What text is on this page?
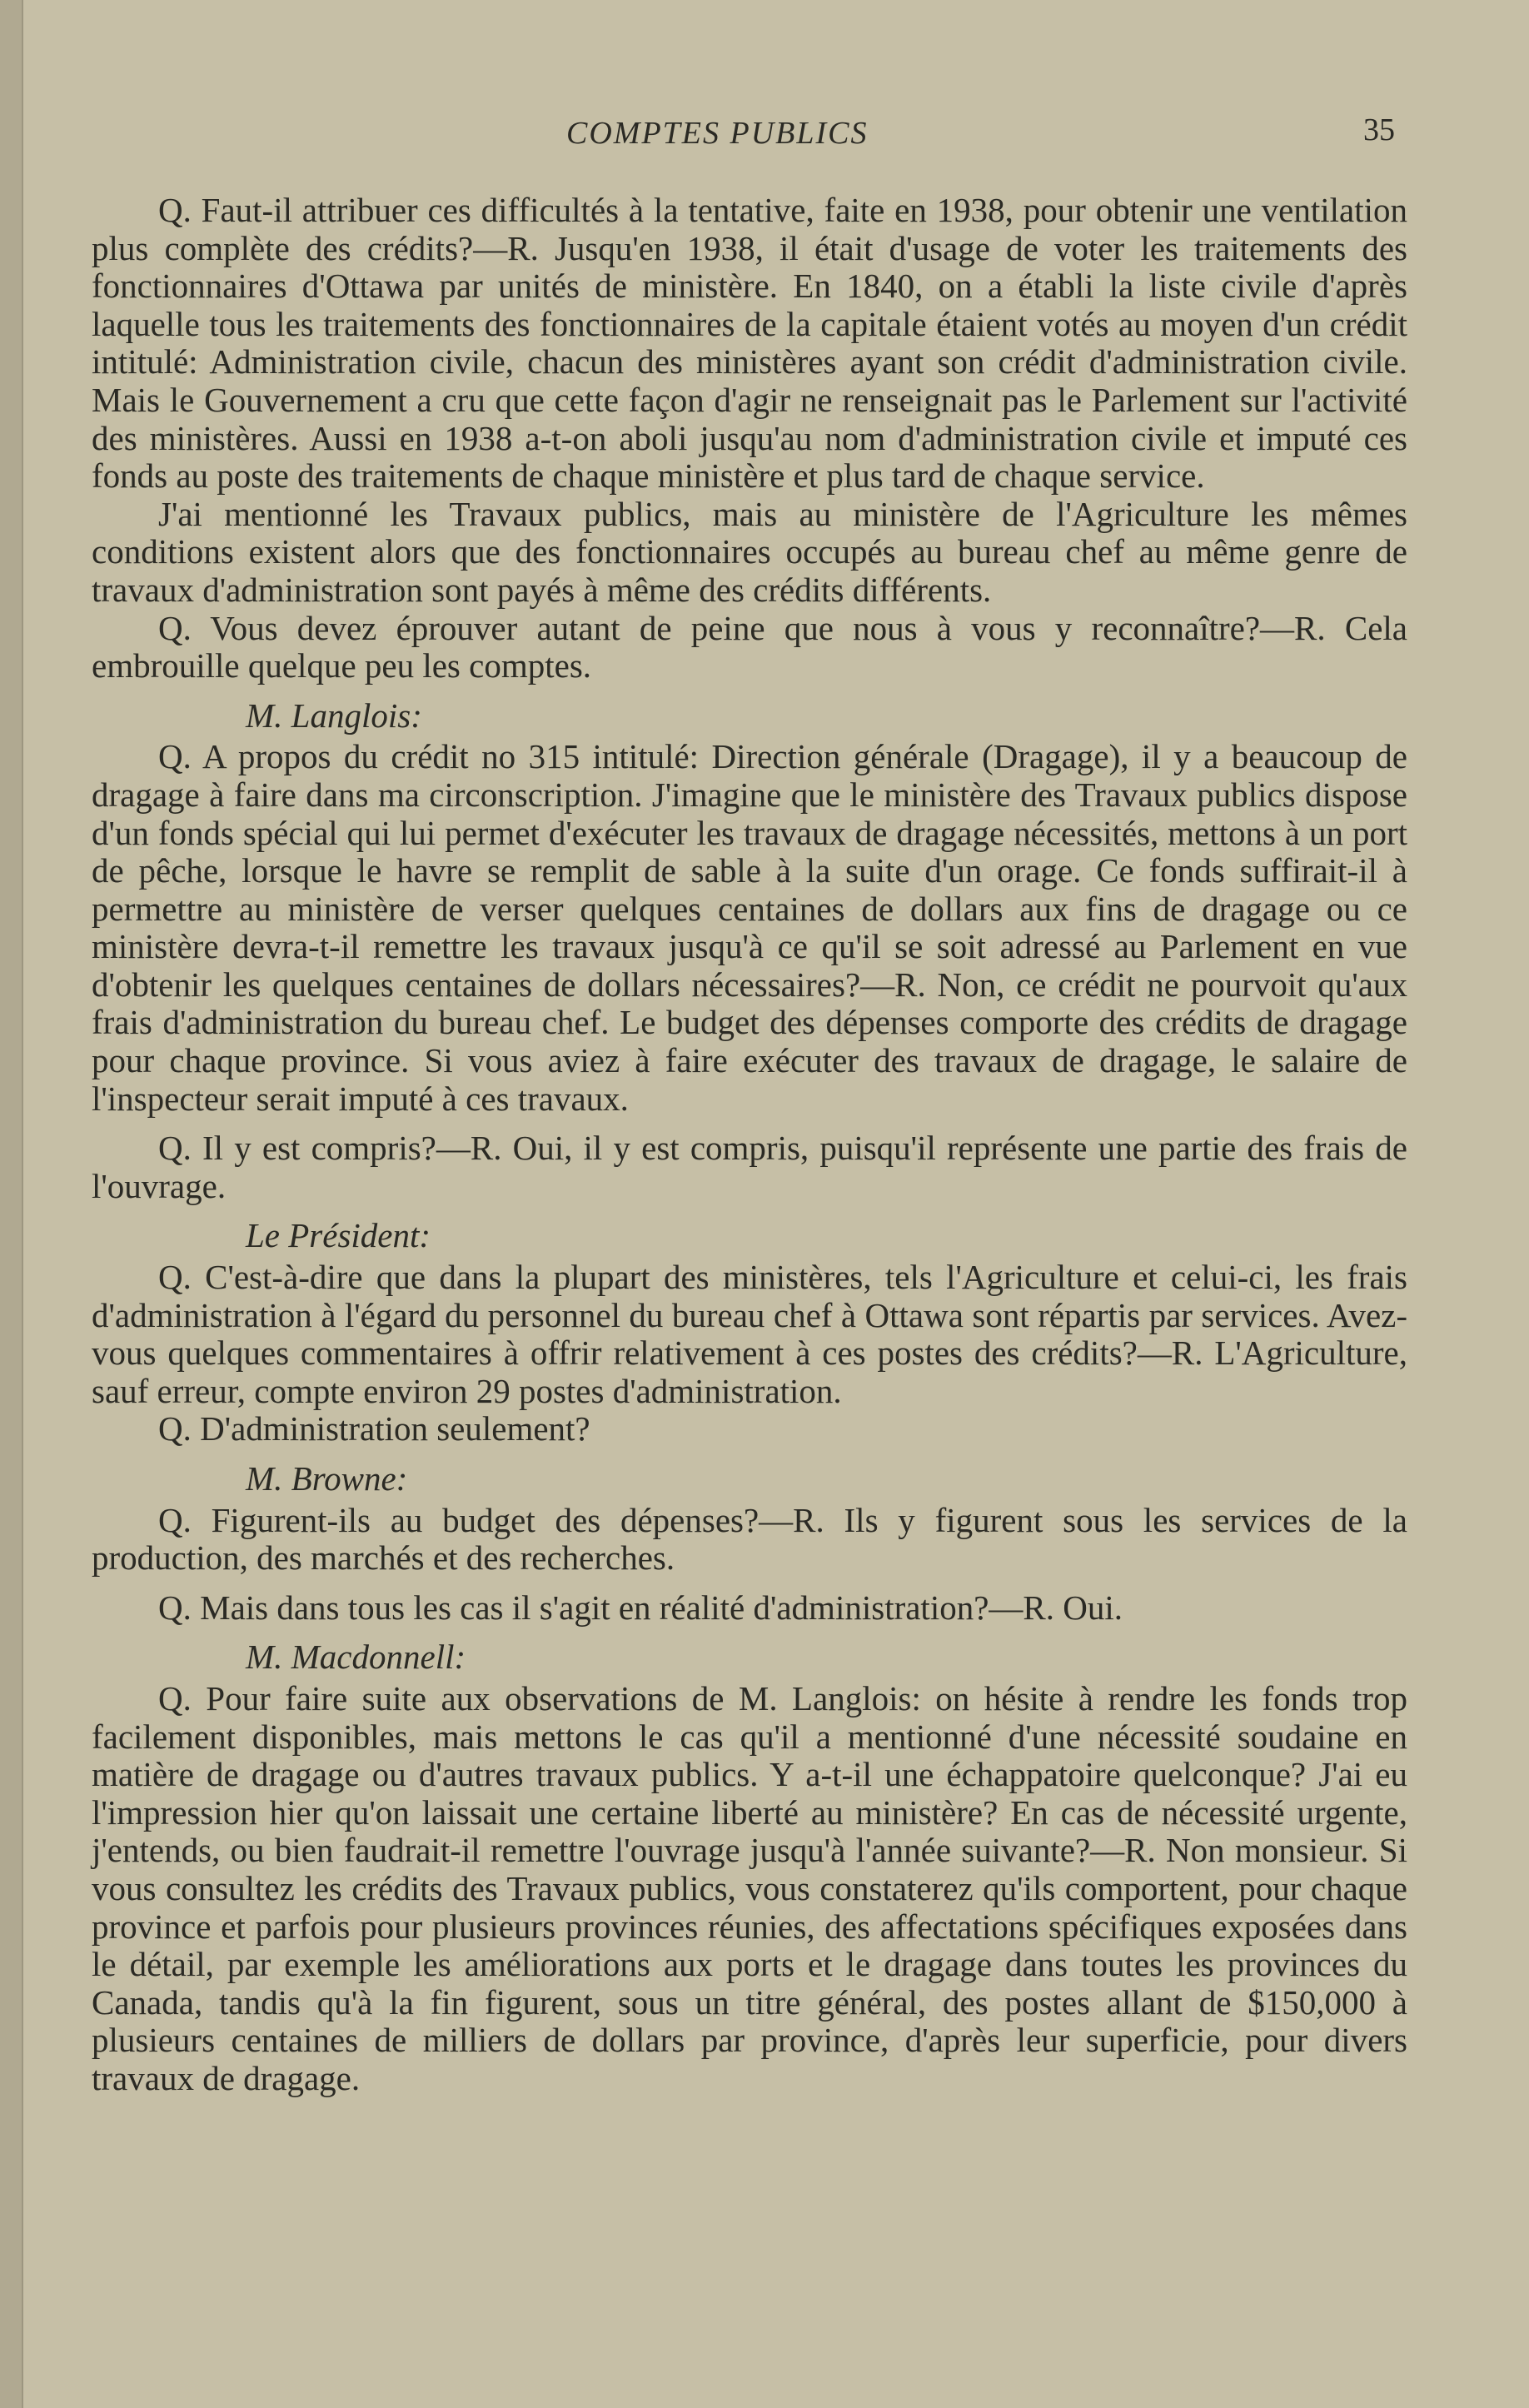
COMPTES PUBLICS	35

Q. Faut-il attribuer ces difficultés à la tentative, faite en 1938, pour obtenir une ventilation plus complète des crédits?—R. Jusqu'en 1938, il était d'usage de voter les traitements des fonctionnaires d'Ottawa par unités de ministère. En 1840, on a établi la liste civile d'après laquelle tous les traitements des fonctionnaires de la capitale étaient votés au moyen d'un crédit intitulé: Administration civile, chacun des ministères ayant son crédit d'administration civile. Mais le Gouvernement a cru que cette façon d'agir ne renseignait pas le Parlement sur l'activité des ministères. Aussi en 1938 a-t-on aboli jusqu'au nom d'administration civile et imputé ces fonds au poste des traitements de chaque ministère et plus tard de chaque service.

J'ai mentionné les Travaux publics, mais au ministère de l'Agriculture les mêmes conditions existent alors que des fonctionnaires occupés au bureau chef au même genre de travaux d'administration sont payés à même des crédits différents.

Q. Vous devez éprouver autant de peine que nous à vous y reconnaître?—R. Cela embrouille quelque peu les comptes.

M. Langlois:

Q. A propos du crédit no 315 intitulé: Direction générale (Dragage), il y a beaucoup de dragage à faire dans ma circonscription. J'imagine que le ministère des Travaux publics dispose d'un fonds spécial qui lui permet d'exécuter les travaux de dragage nécessités, mettons à un port de pêche, lorsque le havre se remplit de sable à la suite d'un orage. Ce fonds suffirait-il à permettre au ministère de verser quelques centaines de dollars aux fins de dragage ou ce ministère devra-t-il remettre les travaux jusqu'à ce qu'il se soit adressé au Parlement en vue d'obtenir les quelques centaines de dollars nécessaires?—R. Non, ce crédit ne pourvoit qu'aux frais d'administration du bureau chef. Le budget des dépenses comporte des crédits de dragage pour chaque province. Si vous aviez à faire exécuter des travaux de dragage, le salaire de l'inspecteur serait imputé à ces travaux.

Q. Il y est compris?—R. Oui, il y est compris, puisqu'il représente une partie des frais de l'ouvrage.

Le Président:

Q. C'est-à-dire que dans la plupart des ministères, tels l'Agriculture et celui-ci, les frais d'administration à l'égard du personnel du bureau chef à Ottawa sont répartis par services. Avez-vous quelques commentaires à offrir relativement à ces postes des crédits?—R. L'Agriculture, sauf erreur, compte environ 29 postes d'administration.

Q. D'administration seulement?

M. Browne:

Q. Figurent-ils au budget des dépenses?—R. Ils y figurent sous les services de la production, des marchés et des recherches.

Q. Mais dans tous les cas il s'agit en réalité d'administration?—R. Oui.

M. Macdonnell:

Q. Pour faire suite aux observations de M. Langlois: on hésite à rendre les fonds trop facilement disponibles, mais mettons le cas qu'il a mentionné d'une nécessité soudaine en matière de dragage ou d'autres travaux publics. Y a-t-il une échappatoire quelconque? J'ai eu l'impression hier qu'on laissait une certaine liberté au ministère? En cas de nécessité urgente, j'entends, ou bien faudrait-il remettre l'ouvrage jusqu'à l'année suivante?—R. Non monsieur. Si vous consultez les crédits des Travaux publics, vous constaterez qu'ils comportent, pour chaque province et parfois pour plusieurs provinces réunies, des affectations spécifiques exposées dans le détail, par exemple les améliorations aux ports et le dragage dans toutes les provinces du Canada, tandis qu'à la fin figurent, sous un titre général, des postes allant de $150,000 à plusieurs centaines de milliers de dollars par province, d'après leur superficie, pour divers travaux de dragage.
